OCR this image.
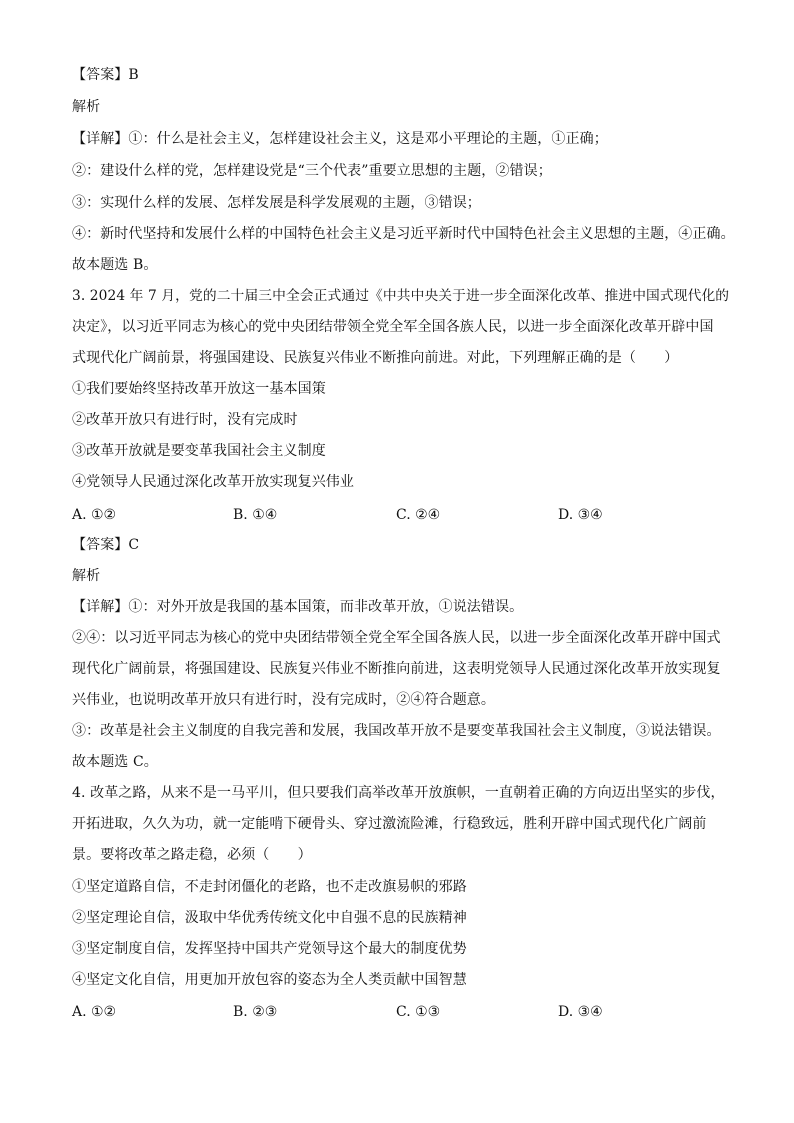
【答案】B
解析
【详解】①：什么是社会主义，怎样建设社会主义，这是邓小平理论的主题，①正确；
②：建设什么样的党，怎样建设党是“三个代表”重要立思想的主题，②错误；
③：实现什么样的发展、怎样发展是科学发展观的主题，③错误；
④：新时代坚持和发展什么样的中国特色社会主义是习近平新时代中国特色社会主义思想的主题，④正确。
故本题选 B。
3. 2024 年 7 月，党的二十届三中全会正式通过《中共中央关于进一步全面深化改革、推进中国式现代化的
决定》，以习近平同志为核心的党中央团结带领全党全军全国各族人民，以进一步全面深化改革开辟中国
式现代化广阔前景，将强国建设、民族复兴伟业不断推向前进。对此，下列理解正确的是（　　）
①我们要始终坚持改革开放这一基本国策
②改革开放只有进行时，没有完成时
③改革开放就是要变革我国社会主义制度
④党领导人民通过深化改革开放实现复兴伟业
A. ①②	B. ①④	C. ②④	D. ③④
【答案】C
解析
【详解】①：对外开放是我国的基本国策，而非改革开放，①说法错误。
②④：以习近平同志为核心的党中央团结带领全党全军全国各族人民，以进一步全面深化改革开辟中国式
现代化广阔前景，将强国建设、民族复兴伟业不断推向前进，这表明党领导人民通过深化改革开放实现复
兴伟业，也说明改革开放只有进行时，没有完成时，②④符合题意。
③：改革是社会主义制度的自我完善和发展，我国改革开放不是要变革我国社会主义制度，③说法错误。
故本题选 C。
4. 改革之路，从来不是一马平川，但只要我们高举改革开放旗帜，一直朝着正确的方向迈出坚实的步伐，
开拓进取，久久为功，就一定能啃下硬骨头、穿过激流险滩，行稳致远，胜利开辟中国式现代化广阔前
景。要将改革之路走稳，必须（　　）
①坚定道路自信，不走封闭僵化的老路，也不走改旗易帜的邪路
②坚定理论自信，汲取中华优秀传统文化中自强不息的民族精神
③坚定制度自信，发挥坚持中国共产党领导这个最大的制度优势
④坚定文化自信，用更加开放包容的姿态为全人类贡献中国智慧
A. ①②	B. ②③	C. ①③	D. ③④
